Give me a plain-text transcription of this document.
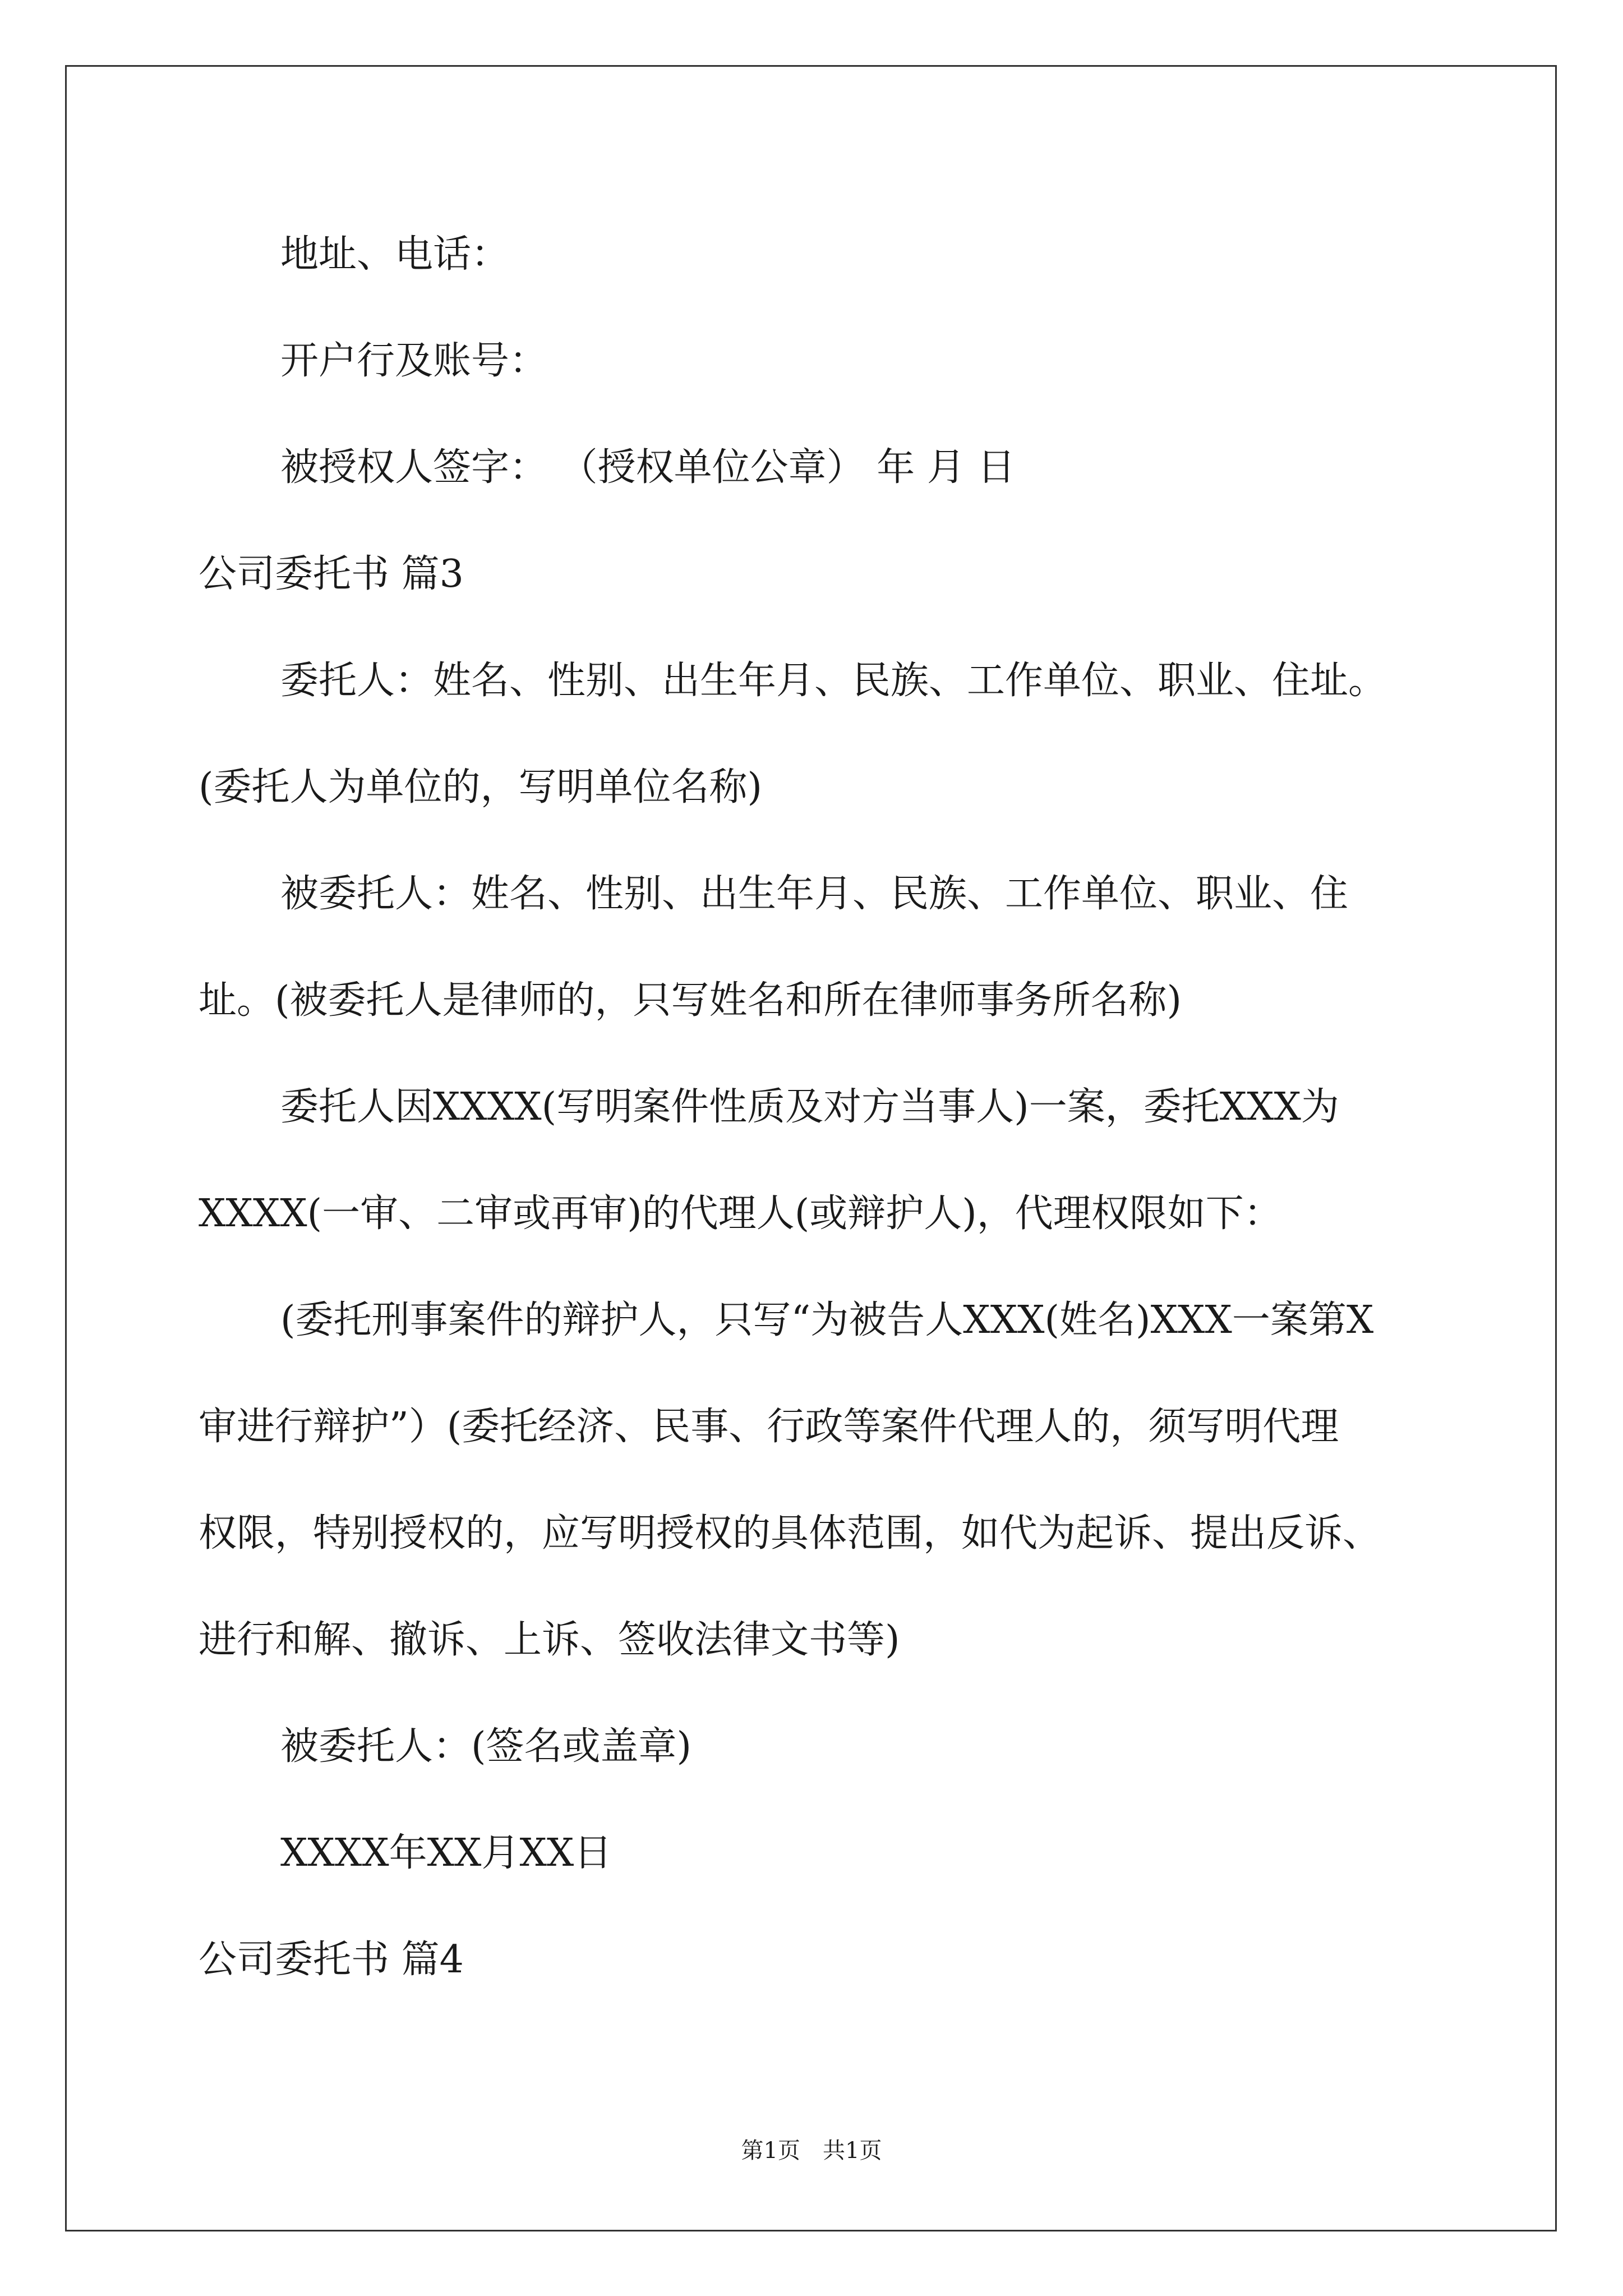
地址、电话：
开户行及账号：
被授权人签字： （授权单位公章） 年 月 日
公司委托书 篇3
委托人：姓名、性别、出生年月、民族、工作单位、职业、住址。
(委托人为单位的，写明单位名称)
被委托人：姓名、性别、出生年月、民族、工作单位、职业、住
址。(被委托人是律师的，只写姓名和所在律师事务所名称)
委托人因XXXX(写明案件性质及对方当事人)一案，委托XXX为
XXXX(一审、二审或再审)的代理人(或辩护人)，代理权限如下：
(委托刑事案件的辩护人，只写“为被告人XXX(姓名)XXX一案第X
审进行辩护”）(委托经济、民事、行政等案件代理人的，须写明代理
权限，特别授权的，应写明授权的具体范围，如代为起诉、提出反诉、
进行和解、撤诉、上诉、签收法律文书等)
被委托人：(签名或盖章)
XXXX年XX月XX日
公司委托书 篇4
第1页　共1页
